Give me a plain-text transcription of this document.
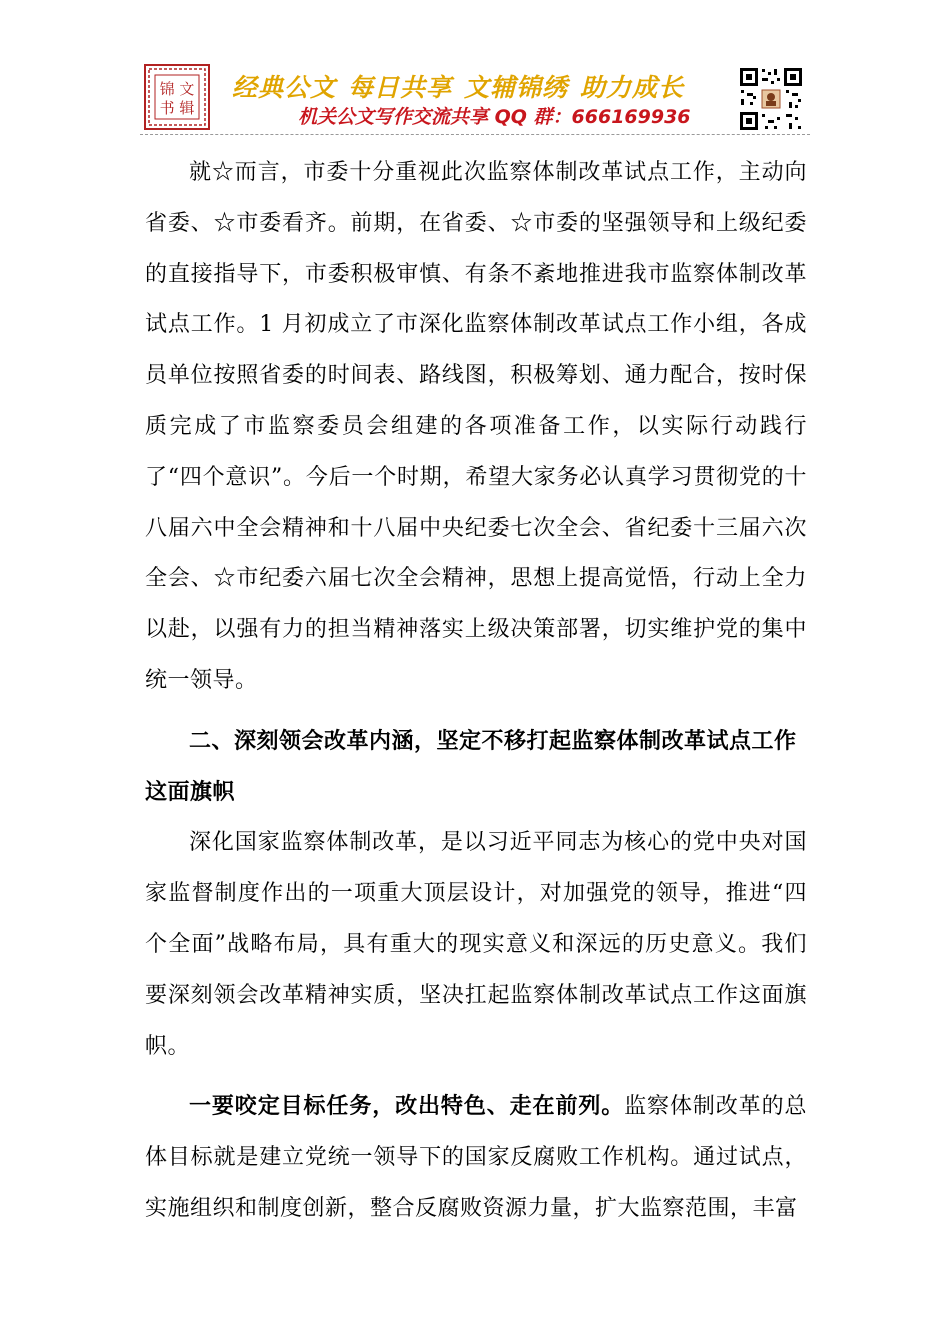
锦 文
书 辑
经典公文 每日共享 文辅锦绣 助力成长
机关公文写作交流共享 QQ 群：666169936

就☆而言，市委十分重视此次监察体制改革试点工作，主动向省委、☆市委看齐。前期，在省委、☆市委的坚强领导和上级纪委的直接指导下，市委积极审慎、有条不紊地推进我市监察体制改革试点工作。1 月初成立了市深化监察体制改革试点工作小组，各成员单位按照省委的时间表、路线图，积极筹划、通力配合，按时保质完成了市监察委员会组建的各项准备工作，以实际行动践行了“四个意识”。今后一个时期，希望大家务必认真学习贯彻党的十八届六中全会精神和十八届中央纪委七次全会、省纪委十三届六次全会、☆市纪委六届七次全会精神，思想上提高觉悟，行动上全力以赴，以强有力的担当精神落实上级决策部署，切实维护党的集中统一领导。

二、深刻领会改革内涵，坚定不移打起监察体制改革试点工作这面旗帜

深化国家监察体制改革，是以习近平同志为核心的党中央对国家监督制度作出的一项重大顶层设计，对加强党的领导，推进“四个全面”战略布局，具有重大的现实意义和深远的历史意义。我们要深刻领会改革精神实质，坚决扛起监察体制改革试点工作这面旗帜。

一要咬定目标任务，改出特色、走在前列。监察体制改革的总体目标就是建立党统一领导下的国家反腐败工作机构。通过试点，实施组织和制度创新，整合反腐败资源力量，扩大监察范围，丰富
